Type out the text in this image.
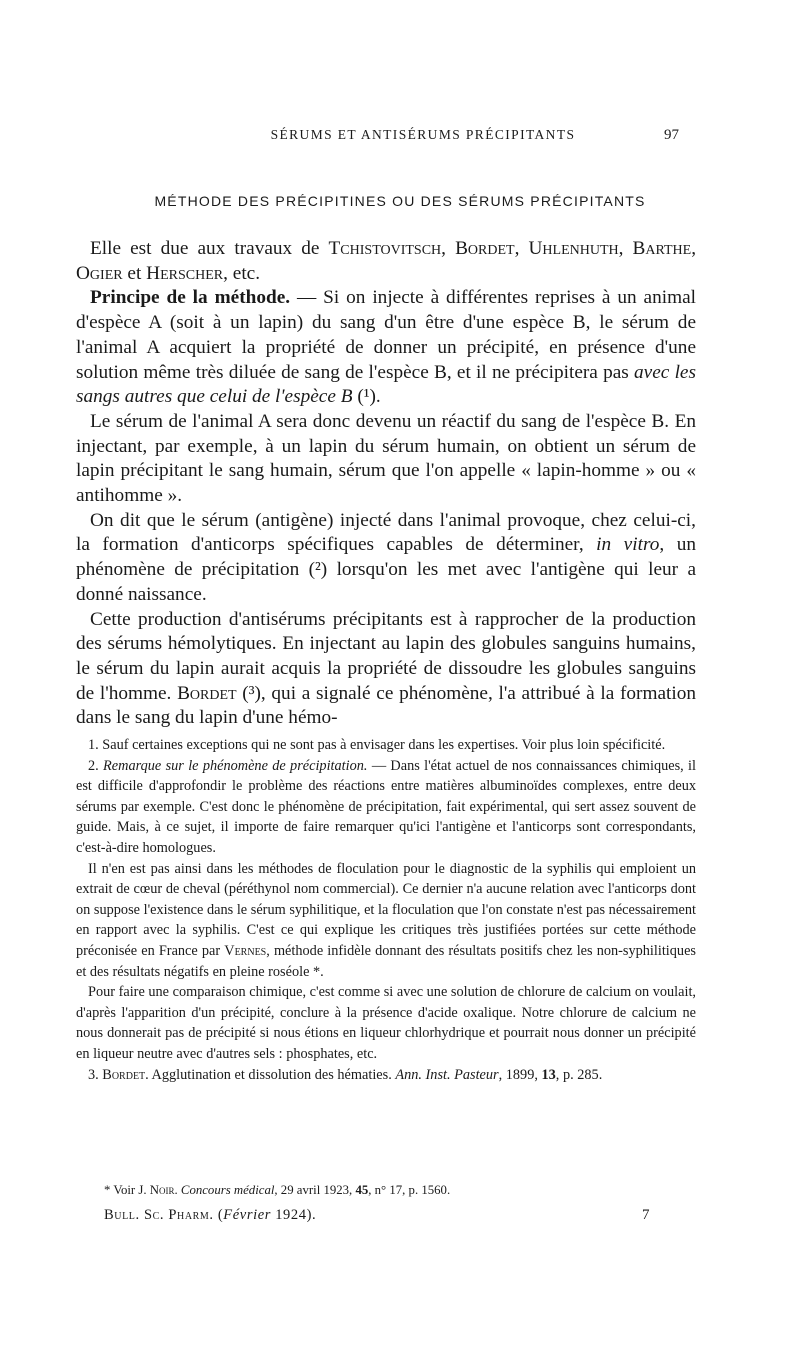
SÉRUMS ET ANTISÉRUMS PRÉCIPITANTS	97
MÉTHODE DES PRÉCIPITINES OU DES SÉRUMS PRÉCIPITANTS

Elle est due aux travaux de Tchistovitsch, Bordet, Uhlenhuth, Barthe, Ogier et Herscher, etc.

Principe de la méthode. — Si on injecte à différentes reprises à un animal d'espèce A (soit à un lapin) du sang d'un être d'une espèce B, le sérum de l'animal A acquiert la propriété de donner un précipité, en présence d'une solution même très diluée de sang de l'espèce B, et il ne précipitera pas avec les sangs autres que celui de l'espèce B (¹).

Le sérum de l'animal A sera donc devenu un réactif du sang de l'espèce B. En injectant, par exemple, à un lapin du sérum humain, on obtient un sérum de lapin précipitant le sang humain, sérum que l'on appelle « lapin-homme » ou « antihomme ».

On dit que le sérum (antigène) injecté dans l'animal provoque, chez celui-ci, la formation d'anticorps spécifiques capables de déterminer, in vitro, un phénomène de précipitation (²) lorsqu'on les met avec l'antigène qui leur a donné naissance.

Cette production d'antisérums précipitants est à rapprocher de la production des sérums hémolytiques. En injectant au lapin des globules sanguins humains, le sérum du lapin aurait acquis la propriété de dissoudre les globules sanguins de l'homme. Bordet (³), qui a signalé ce phénomène, l'a attribué à la formation dans le sang du lapin d'une hémo-

1. Sauf certaines exceptions qui ne sont pas à envisager dans les expertises. Voir plus loin spécificité.

2. Remarque sur le phénomène de précipitation. — Dans l'état actuel de nos connaissances chimiques, il est difficile d'approfondir le problème des réactions entre matières albuminoïdes complexes, entre deux sérums par exemple. C'est donc le phénomène de précipitation, fait expérimental, qui sert assez souvent de guide. Mais, à ce sujet, il importe de faire remarquer qu'ici l'antigène et l'anticorps sont correspondants, c'est-à-dire homologues.

Il n'en est pas ainsi dans les méthodes de floculation pour le diagnostic de la syphilis qui emploient un extrait de cœur de cheval (péréthynol nom commercial). Ce dernier n'a aucune relation avec l'anticorps dont on suppose l'existence dans le sérum syphilitique, et la floculation que l'on constate n'est pas nécessairement en rapport avec la syphilis. C'est ce qui explique les critiques très justifiées portées sur cette méthode préconisée en France par Vernes, méthode infidèle donnant des résultats positifs chez les non-syphilitiques et des résultats négatifs en pleine roséole *.

Pour faire une comparaison chimique, c'est comme si avec une solution de chlorure de calcium on voulait, d'après l'apparition d'un précipité, conclure à la présence d'acide oxalique. Notre chlorure de calcium ne nous donnerait pas de précipité si nous étions en liqueur chlorhydrique et pourrait nous donner un précipité en liqueur neutre avec d'autres sels : phosphates, etc.

3. Bordet. Agglutination et dissolution des hématies. Ann. Inst. Pasteur, 1899, 13, p. 285.

* Voir J. Noir. Concours médical, 29 avril 1923, 45, n° 17, p. 1560.
Bull. Sc. Pharm. (Février 1924).	7
